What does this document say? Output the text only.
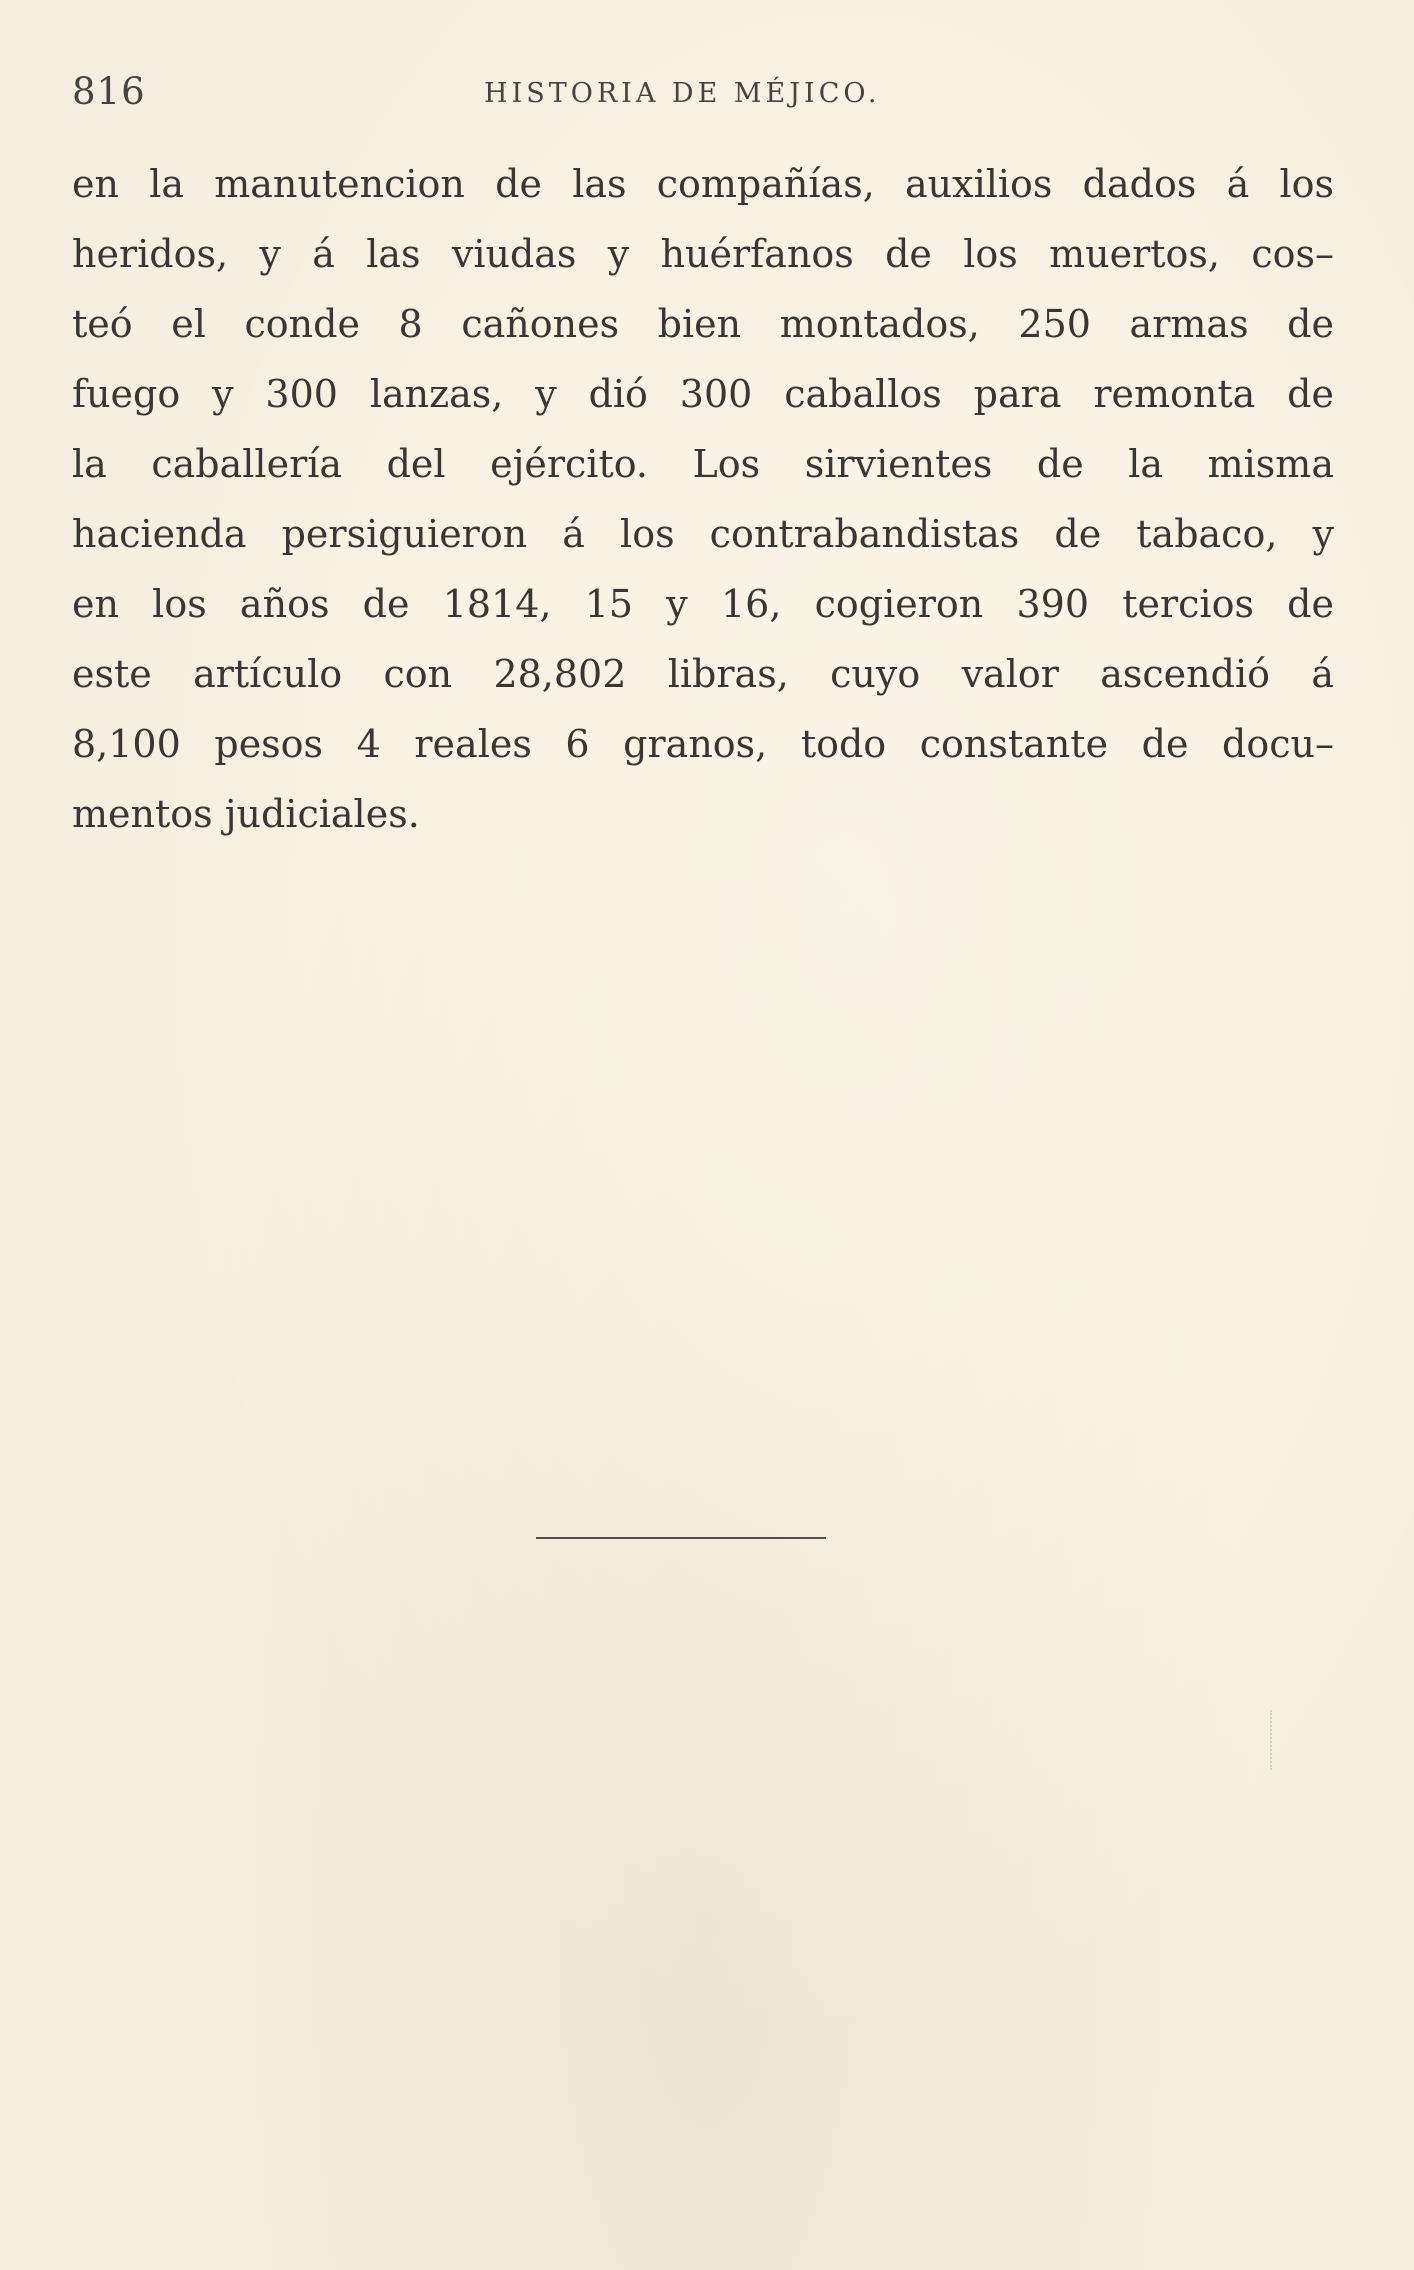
816	HISTORIA DE MÉJICO.
en la manutencion de las compañías, auxilios dados á los
heridos, y á las viudas y huérfanos de los muertos, cos–
teó el conde 8 cañones bien montados, 250 armas de
fuego y 300 lanzas, y dió 300 caballos para remonta de
la caballería del ejército. Los sirvientes de la misma
hacienda persiguieron á los contrabandistas de tabaco, y
en los años de 1814, 15 y 16, cogieron 390 tercios de
este artículo con 28,802 libras, cuyo valor ascendió á
8,100 pesos 4 reales 6 granos, todo constante de docu–
mentos judiciales.
